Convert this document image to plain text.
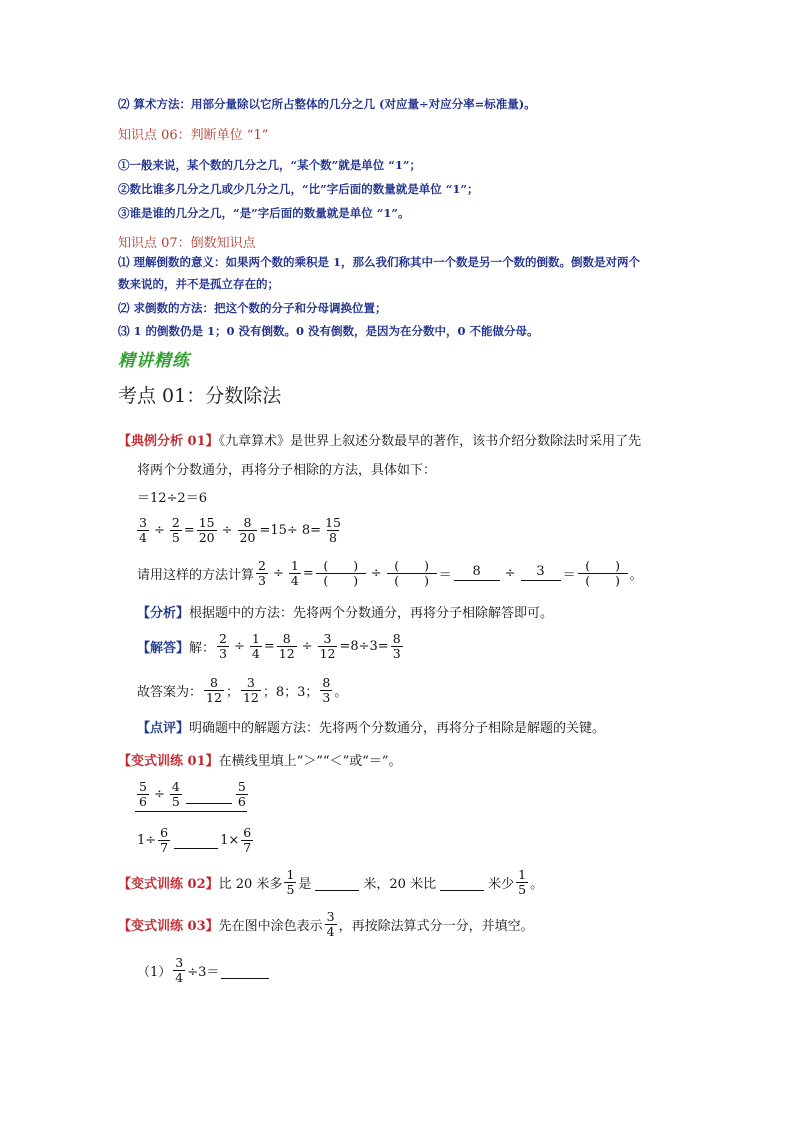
⑵ 算术方法：用部分量除以它所占整体的几分之几 (对应量÷对应分率=标准量)。
知识点 06：判断单位 “1”
①一般来说，某个数的几分之几，“某个数”就是单位 “1”；
②数比谁多几分之几或少几分之几，“比”字后面的数量就是单位 “1”；
③谁是谁的几分之几，“是”字后面的数量就是单位 “1”。
知识点 07：倒数知识点
⑴ 理解倒数的意义：如果两个数的乘积是 1，那么我们称其中一个数是另一个数的倒数。倒数是对两个
数来说的，并不是孤立存在的；
⑵ 求倒数的方法：把这个数的分子和分母调换位置；
⑶ 1 的倒数仍是 1；0 没有倒数。0 没有倒数，是因为在分数中，0 不能做分母。
精讲精练
考点 01：分数除法
【典例分析 01】《九章算术》是世界上叙述分数最早的著作，该书介绍分数除法时采用了先
将两个分数通分，再将分子相除的方法，具体如下：
＝12÷2＝6
$\frac{3}{4} \div \frac{2}{5} = \frac{15}{20} \div \frac{8}{20} =15\div 8= \frac{15}{8}$
请用这样的方法计算 $\frac{2}{3} \div \frac{1}{4} = \frac{( )}{( )} \div \frac{( )}{( )}$ ＝	8	÷	3	＝ $\frac{( )}{( )}$ 。
【分析】根据题中的方法：先将两个分数通分，再将分子相除解答即可。
【解答】 解： $\frac{2}{3} \div \frac{1}{4} = \frac{8}{12} \div \frac{3}{12} =8\div 3= \frac{8}{3}$
故答案为： $\frac{8}{12}$ ； $\frac{3}{12}$ ；8；3； $\frac{8}{3}$ 。
【点评】明确题中的解题方法：先将两个分数通分，再将分子相除是解题的关键。
【变式训练 01】在横线里填上“＞”“＜”或“＝”。
$\frac{5}{6} \div \frac{4}{5}$	$\frac{5}{6}$
$1\div \frac{6}{7}$	$1\times \frac{6}{7}$
【变式训练 02】 比 20 米多 $\frac{1}{5}$ 是	米，20 米比	米少 $\frac{1}{5}$ 。
【变式训练 03】 先在图中涂色表示 $\frac{3}{4}$ ，再按除法算式分一分，并填空。
$(1) \frac{3}{4} \div 3=$
